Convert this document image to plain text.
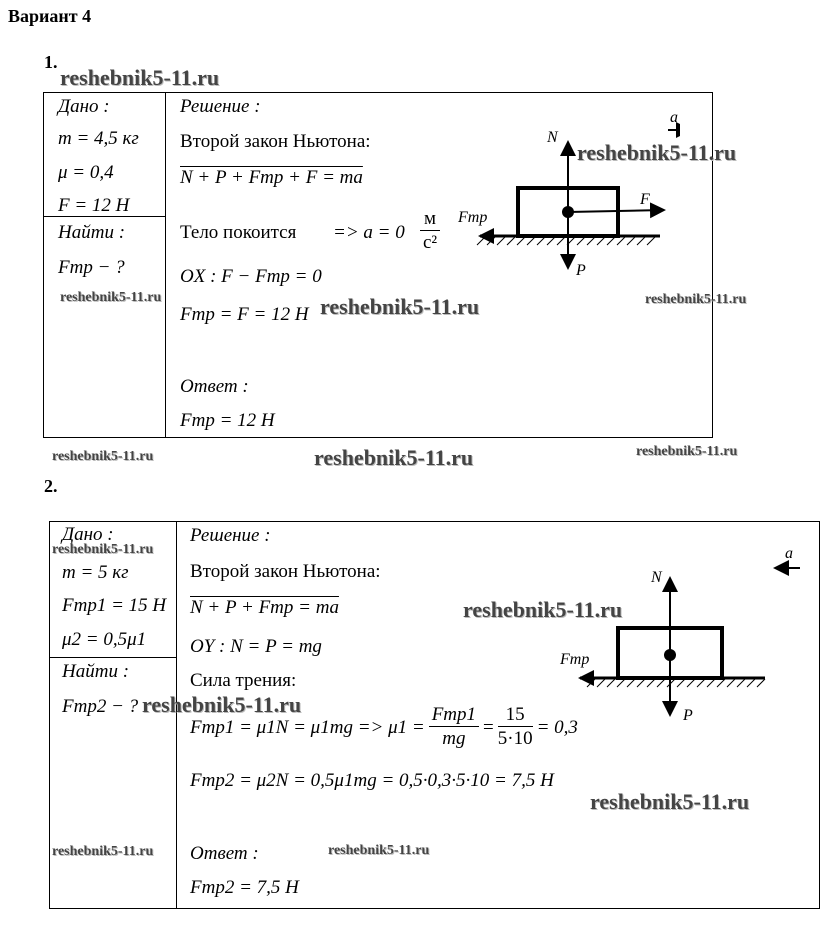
Вариант 4
1.
Дано :
m = 4,5 кг
μ = 0,4
F = 12 Н
Найти :
Fтр − ?
Решение :
Второй закон Ньютона:
N + P + Fтр + F = ma
Тело покоится => a = 0
м
с²
OX : F − Fтр = 0
Fтр = F = 12 Н
Ответ :
Fтр = 12 Н
a
N
P
F
Fтр
reshebnik5-11.ru
reshebnik5-11.ru
reshebnik5-11.ru	reshebnik5-11.ru	reshebnik5-11.ru
reshebnik5-11.ru	reshebnik5-11.ru	reshebnik5-11.ru
2.
Дано :
m = 5 кг
Fтр1 = 15 Н
μ2 = 0,5μ1
Найти :
Fтр2 − ?
Решение :
Второй закон Ньютона:
N + P + Fтр = ma
OY : N = P = mg
Сила трения:
$Fтр1 = \mu 1N = \mu 1mg => \mu 1 = \frac{\text{Fтр1}}{mg} = \frac{15}{5\cdot 10} = 0,3$
Fтр2 = μ2N = 0,5μ1mg = 0,5·0,3·5·10 = 7,5 Н
Ответ :
Fтр2 = 7,5 Н
a
N
P
Fтр
reshebnik5-11.ru
reshebnik5-11.ru
reshebnik5-11.ru
reshebnik5-11.ru
reshebnik5-11.ru	reshebnik5-11.ru
